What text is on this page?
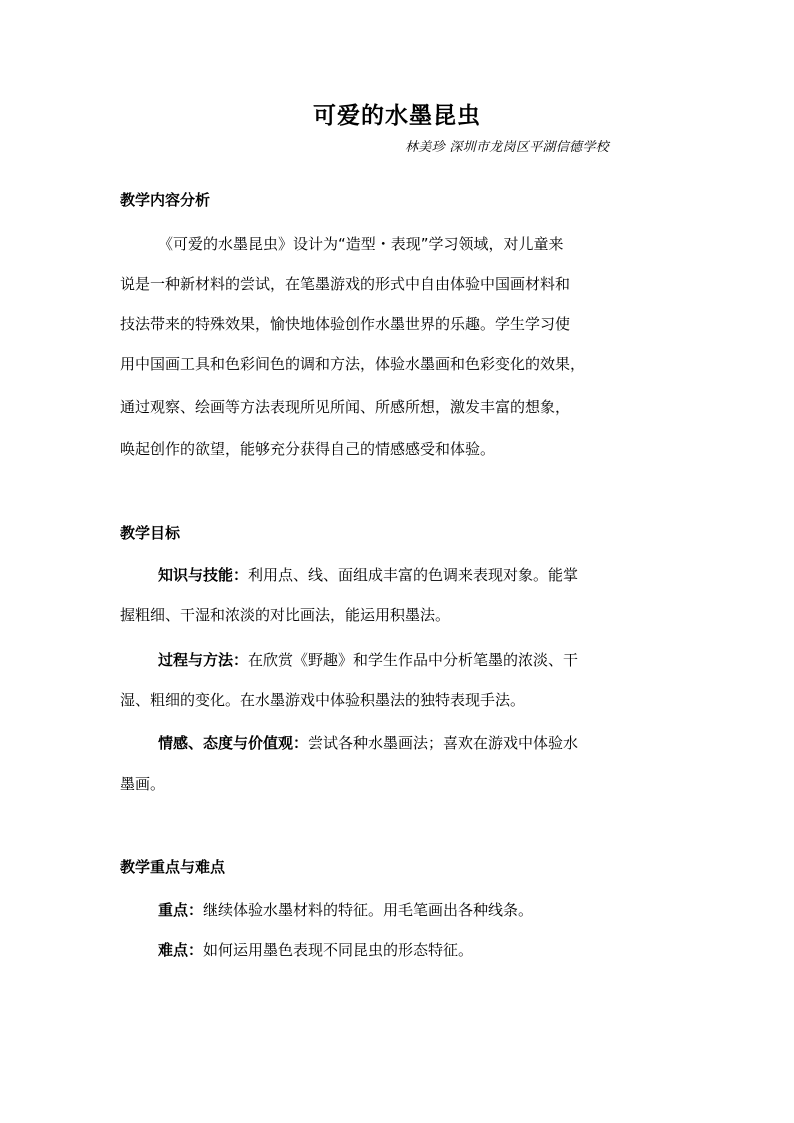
可爱的水墨昆虫
林美珍 深圳市龙岗区平湖信德学校
教学内容分析
《可爱的水墨昆虫》设计为“造型・表现”学习领域，对儿童来
说是一种新材料的尝试，在笔墨游戏的形式中自由体验中国画材料和
技法带来的特殊效果，愉快地体验创作水墨世界的乐趣。学生学习使
用中国画工具和色彩间色的调和方法，体验水墨画和色彩变化的效果，
通过观察、绘画等方法表现所见所闻、所感所想，激发丰富的想象，
唤起创作的欲望，能够充分获得自己的情感感受和体验。
教学目标
知识与技能：利用点、线、面组成丰富的色调来表现对象。能掌
握粗细、干湿和浓淡的对比画法，能运用积墨法。
过程与方法：在欣赏《野趣》和学生作品中分析笔墨的浓淡、干
湿、粗细的变化。在水墨游戏中体验积墨法的独特表现手法。
情感、态度与价值观：尝试各种水墨画法；喜欢在游戏中体验水
墨画。
教学重点与难点
重点：继续体验水墨材料的特征。用毛笔画出各种线条。
难点：如何运用墨色表现不同昆虫的形态特征。
